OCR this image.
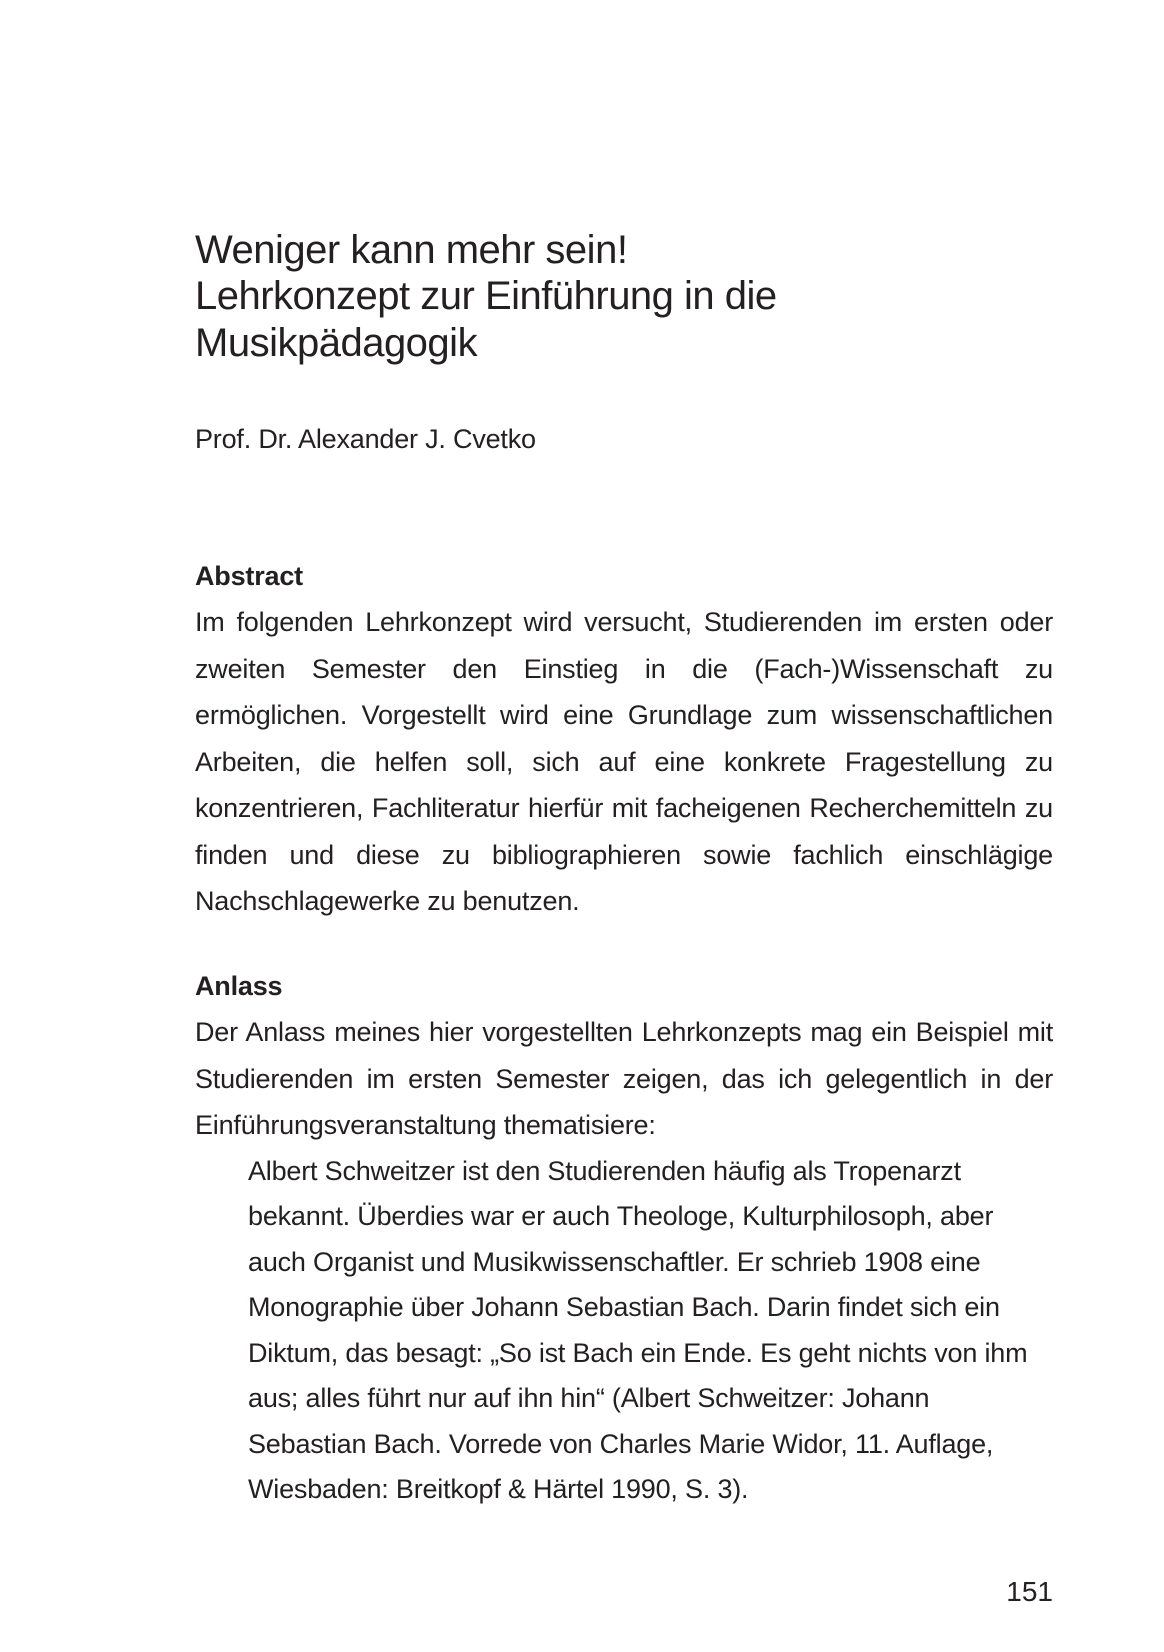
Weniger kann mehr sein!
Lehrkonzept zur Einführung in die
Musikpädagogik
Prof. Dr. Alexander J. Cvetko
Abstract
Im folgenden Lehrkonzept wird versucht, Studierenden im ersten oder zweiten Semester den Einstieg in die (Fach-)Wissenschaft zu ermöglichen. Vorgestellt wird eine Grundlage zum wissenschaftlichen Arbeiten, die helfen soll, sich auf eine konkrete Fragestellung zu konzentrieren, Fachliteratur hierfür mit facheigenen Recherchemitteln zu finden und diese zu bibliographieren sowie fachlich einschlägige Nachschlagewerke zu benutzen.
Anlass
Der Anlass meines hier vorgestellten Lehrkonzepts mag ein Beispiel mit Studierenden im ersten Semester zeigen, das ich gelegentlich in der Einführungsveranstaltung thematisiere:
Albert Schweitzer ist den Studierenden häufig als Tropenarzt bekannt. Überdies war er auch Theologe, Kulturphilosoph, aber auch Organist und Musikwissenschaftler. Er schrieb 1908 eine Monographie über Johann Sebastian Bach. Darin findet sich ein Diktum, das besagt: „So ist Bach ein Ende. Es geht nichts von ihm aus; alles führt nur auf ihn hin“ (Albert Schweitzer: Johann Sebastian Bach. Vorrede von Charles Marie Widor, 11. Auflage, Wiesbaden: Breitkopf & Härtel 1990, S. 3).
151
